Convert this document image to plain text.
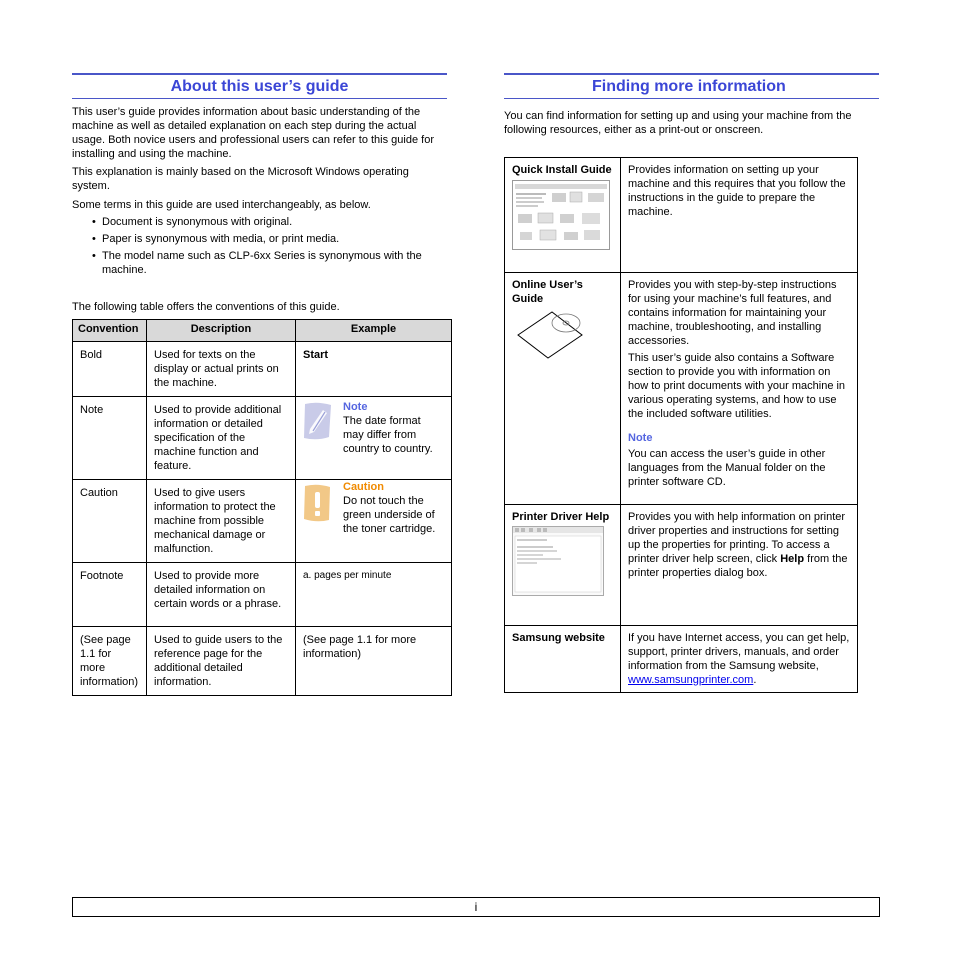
About this user’s guide

This user’s guide provides information about basic understanding of the machine as well as detailed explanation on each step during the actual usage. Both novice users and professional users can refer to this guide for installing and using the machine.

This explanation is mainly based on the Microsoft Windows operating system.

Some terms in this guide are used interchangeably, as below.

• Document is synonymous with original.
• Paper is synonymous with media, or print media.
• The model name such as CLP-6xx Series is synonymous with the machine.

The following table offers the conventions of this guide.

Convention	Description	Example
Bold	Used for texts on the display or actual prints on the machine.	Start
Note	Used to provide additional information or detailed specification of the machine function and feature.	Note
The date format may differ from country to country.

Caution	Used to give users information to protect the machine from possible mechanical damage or malfunction.	Caution
Do not touch the green underside of the toner cartridge.

Footnote	Used to provide more detailed information on certain words or a phrase.	a. pages per minute
(See page 1.1 for more information)	Used to guide users to the reference page for the additional detailed information.	(See page 1.1 for more information)
Finding more information

You can find information for setting up and using your machine from the following resources, either as a print-out or onscreen.

Quick Install Guide	Provides information on setting up your machine and this requires that you follow the instructions in the guide to prepare the machine.

Online User’s Guide	Provides you with step-by-step instructions for using your machine’s full features, and contains information for maintaining your machine, troubleshooting, and installing accessories.
This user’s guide also contains a Software section to provide you with information on how to print documents with your machine in various operating systems, and how to use the included software utilities.
Note
You can access the user’s guide in other languages from the Manual folder on the printer software CD.

Printer Driver Help	Provides you with help information on printer driver properties and instructions for setting up the properties for printing. To access a printer driver help screen, click Help from the printer properties dialog box.

Samsung website	If you have Internet access, you can get help, support, printer drivers, manuals, and order information from the Samsung website, www.samsungprinter.com.
i
